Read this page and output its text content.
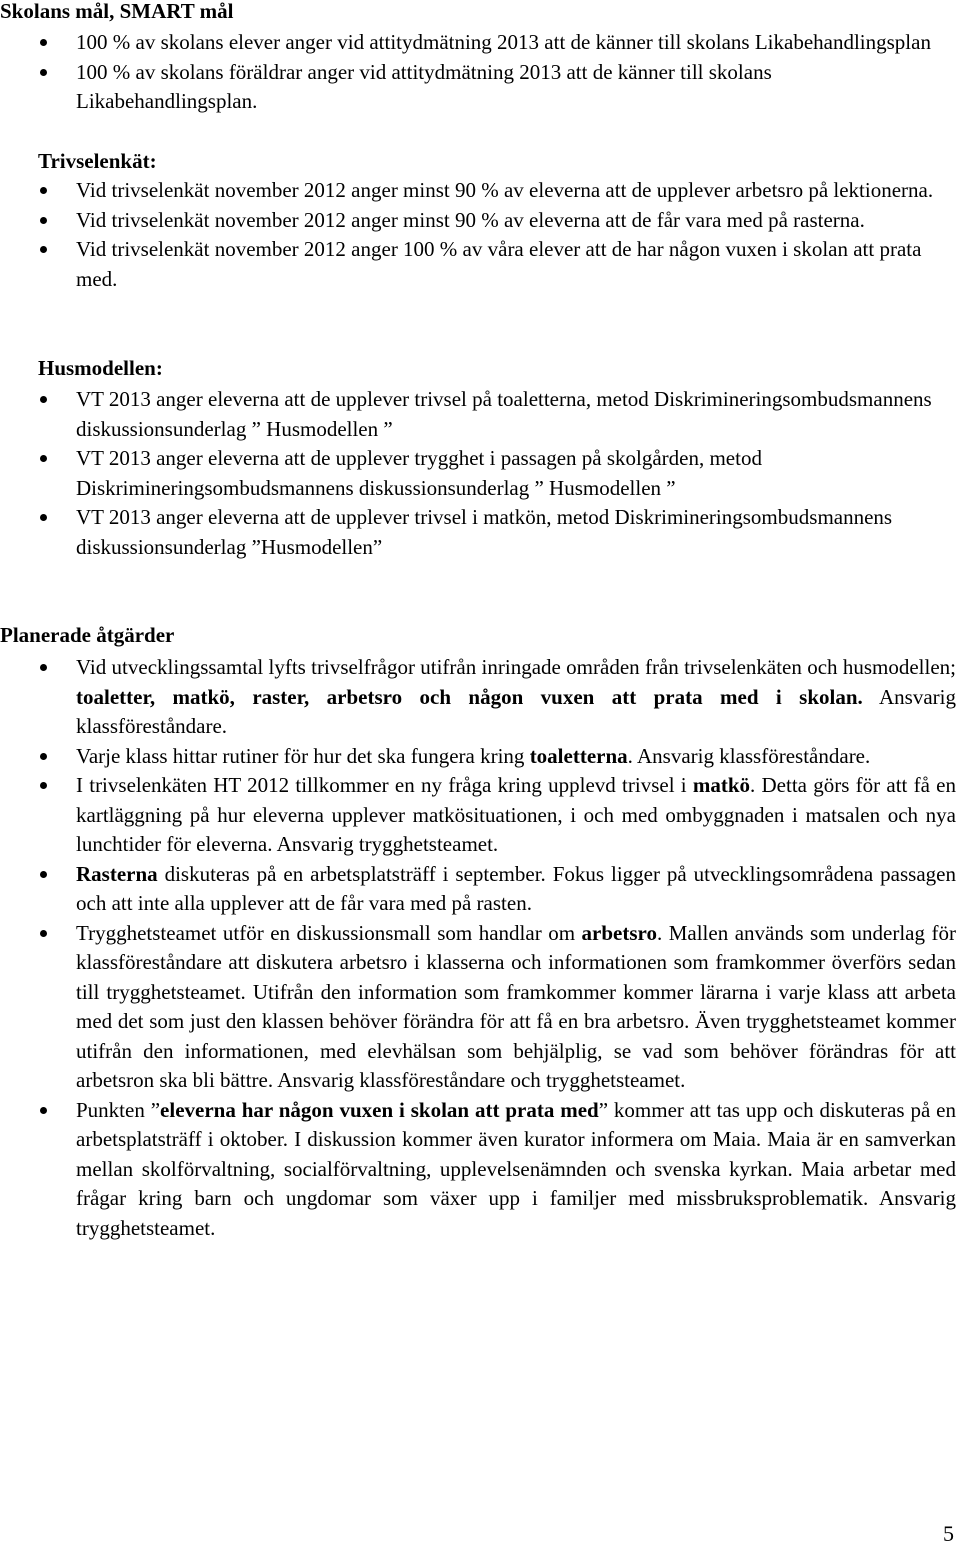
Skolans mål, SMART mål
100 % av skolans elever anger vid attitydmätning 2013 att de känner till skolans Likabehandlingsplan
100 % av skolans föräldrar anger vid attitydmätning 2013 att de känner till skolans Likabehandlingsplan.
Trivselenkät:
Vid trivselenkät november 2012 anger minst 90 % av eleverna att de upplever arbetsro på lektionerna.
Vid trivselenkät november 2012 anger minst 90 % av eleverna att de får vara med på rasterna.
Vid trivselenkät november 2012 anger 100 % av våra elever att de har någon vuxen i skolan att prata med.
Husmodellen:
VT 2013 anger eleverna att de upplever trivsel på toaletterna, metod Diskrimineringsombudsmannens diskussionsunderlag ” Husmodellen ”
VT 2013 anger eleverna att de upplever trygghet i passagen på skolgården, metod Diskrimineringsombudsmannens diskussionsunderlag ” Husmodellen ”
VT 2013 anger eleverna att de upplever trivsel i matkön, metod Diskrimineringsombudsmannens diskussionsunderlag ”Husmodellen”
Planerade åtgärder
Vid utvecklingssamtal lyfts trivselfrågor utifrån inringade områden från trivselenkäten och husmodellen; toaletter, matkö, raster, arbetsro och någon vuxen att prata med i skolan. Ansvarig klassföreståndare.
Varje klass hittar rutiner för hur det ska fungera kring toaletterna. Ansvarig klassföreståndare.
I trivselenkäten HT 2012 tillkommer en ny fråga kring upplevd trivsel i matkö. Detta görs för att få en kartläggning på hur eleverna upplever matkösituationen, i och med ombyggnaden i matsalen och nya lunchtider för eleverna. Ansvarig trygghetsteamet.
Rasterna diskuteras på en arbetsplatsträff i september. Fokus ligger på utvecklingsområdena passagen och att inte alla upplever att de får vara med på rasten.
Trygghetsteamet utför en diskussionsmall som handlar om arbetsro. Mallen används som underlag för klassföreståndare att diskutera arbetsro i klasserna och informationen som framkommer överförs sedan till trygghetsteamet. Utifrån den information som framkommer kommer lärarna i varje klass att arbeta med det som just den klassen behöver förändra för att få en bra arbetsro. Även trygghetsteamet kommer utifrån den informationen, med elevhälsan som behjälplig, se vad som behöver förändras för att arbetsron ska bli bättre. Ansvarig klassföreståndare och trygghetsteamet.
Punkten ”eleverna har någon vuxen i skolan att prata med” kommer att tas upp och diskuteras på en arbetsplatsträff i oktober. I diskussion kommer även kurator informera om Maia. Maia är en samverkan mellan skolförvaltning, socialförvaltning, upplevelsenämnden och svenska kyrkan. Maia arbetar med frågar kring barn och ungdomar som växer upp i familjer med missbruksproblematik. Ansvarig trygghetsteamet.
5
